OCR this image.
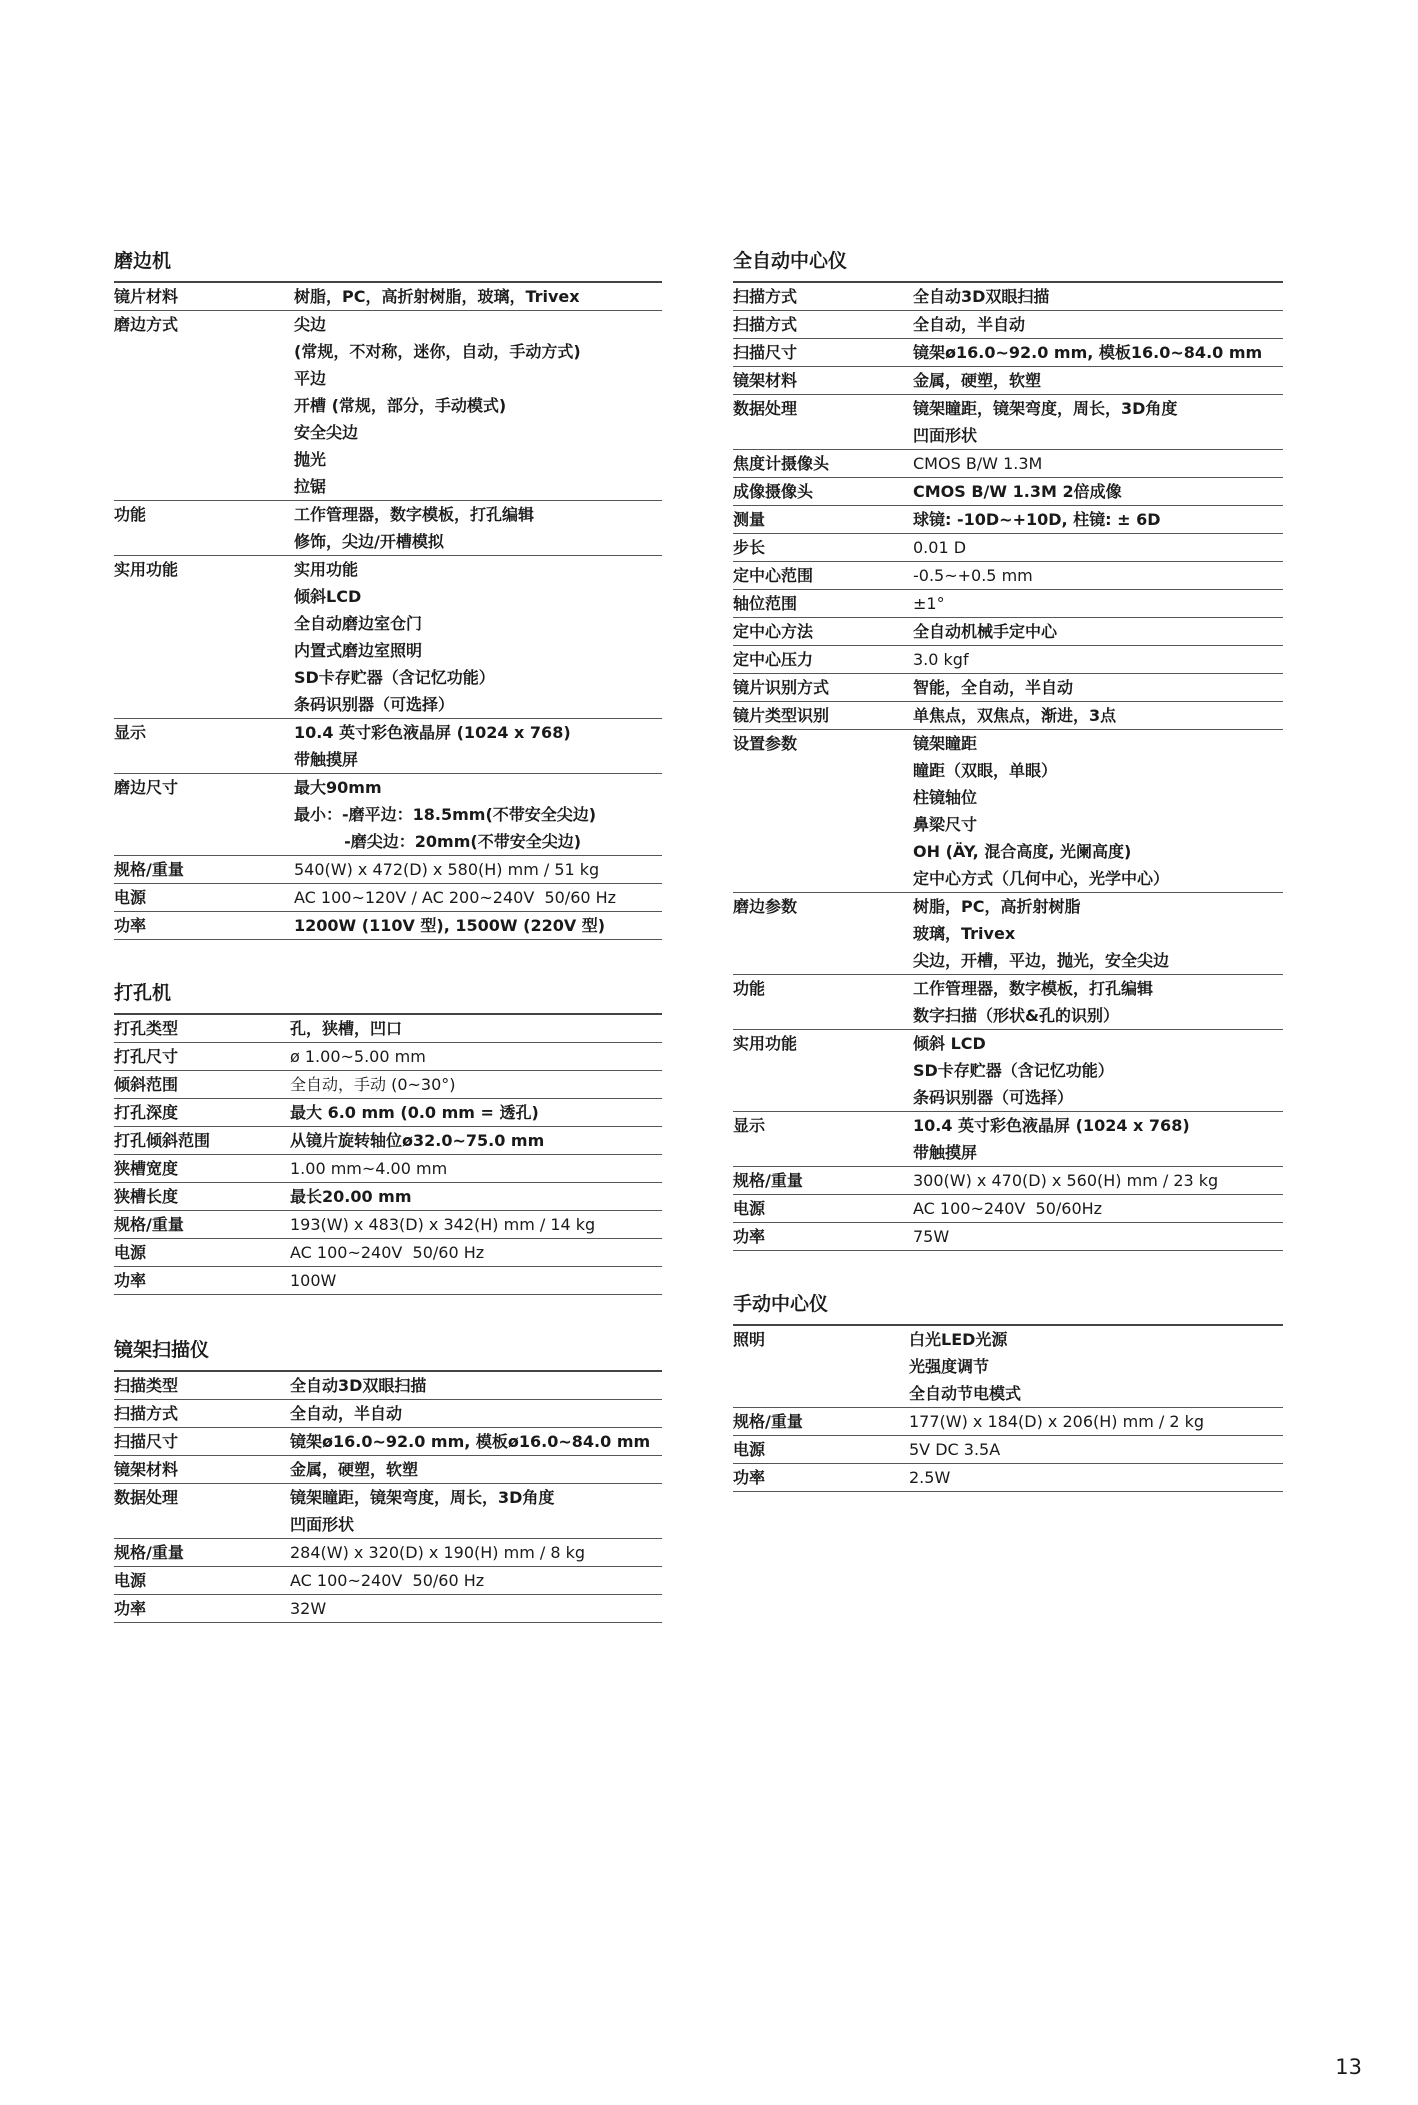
磨边机
镜片材料	树脂，PC，高折射树脂，玻璃，Trivex
磨边方式	尖边
(常规，不对称，迷你，自动，手动方式)
平边
开槽 (常规，部分，手动模式)
安全尖边
抛光
拉锯
功能	工作管理器，数字模板，打孔编辑
修饰，尖边/开槽模拟
实用功能	实用功能
倾斜LCD
全自动磨边室仓门
内置式磨边室照明
SD卡存贮器（含记忆功能）
条码识别器（可选择）
显示	10.4 英寸彩色液晶屏 (1024 x 768)
带触摸屏
磨边尺寸	最大90mm
最小：-磨平边：18.5mm(不带安全尖边)
-磨尖边：20mm(不带安全尖边)
规格/重量	540(W) x 472(D) x 580(H) mm / 51 kg
电源	AC 100~120V / AC 200~240V  50/60 Hz
功率	1200W (110V 型), 1500W (220V 型)
打孔机
打孔类型	孔，狭槽，凹口
打孔尺寸	ø 1.00~5.00 mm
倾斜范围	全自动，手动 (0~30°)
打孔深度	最大 6.0 mm (0.0 mm = 透孔)
打孔倾斜范围	从镜片旋转轴位ø32.0~75.0 mm
狭槽宽度	1.00 mm~4.00 mm
狭槽长度	最长20.00 mm
规格/重量	193(W) x 483(D) x 342(H) mm / 14 kg
电源	AC 100~240V  50/60 Hz
功率	100W
镜架扫描仪
扫描类型	全自动3D双眼扫描
扫描方式	全自动，半自动
扫描尺寸	镜架ø16.0~92.0 mm, 模板ø16.0~84.0 mm
镜架材料	金属，硬塑，软塑
数据处理	镜架瞳距，镜架弯度，周长，3D角度
凹面形状
规格/重量	284(W) x 320(D) x 190(H) mm / 8 kg
电源	AC 100~240V  50/60 Hz
功率	32W
全自动中心仪
扫描方式	全自动3D双眼扫描
扫描方式	全自动，半自动
扫描尺寸	镜架ø16.0~92.0 mm, 模板16.0~84.0 mm
镜架材料	金属，硬塑，软塑
数据处理	镜架瞳距，镜架弯度，周长，3D角度
凹面形状
焦度计摄像头	CMOS B/W 1.3M
成像摄像头	CMOS B/W 1.3M 2倍成像
测量	球镜: -10D~+10D, 柱镜: ± 6D
步长	0.01 D
定中心范围	-0.5~+0.5 mm
轴位范围	±1°
定中心方法	全自动机械手定中心
定中心压力	3.0 kgf
镜片识别方式	智能，全自动，半自动
镜片类型识别	单焦点，双焦点，渐进，3点
设置参数	镜架瞳距
瞳距（双眼，单眼）
柱镜轴位
鼻梁尺寸
OH (ÄY, 混合高度, 光阑高度)
定中心方式（几何中心，光学中心）
磨边参数	树脂，PC，高折射树脂
玻璃，Trivex
尖边，开槽，平边，抛光，安全尖边
功能	工作管理器，数字模板，打孔编辑
数字扫描（形状&孔的识别）
实用功能	倾斜 LCD
SD卡存贮器（含记忆功能）
条码识别器（可选择）
显示	10.4 英寸彩色液晶屏 (1024 x 768)
带触摸屏
规格/重量	300(W) x 470(D) x 560(H) mm / 23 kg
电源	AC 100~240V  50/60Hz
功率	75W
手动中心仪
照明	白光LED光源
光强度调节
全自动节电模式
规格/重量	177(W) x 184(D) x 206(H) mm / 2 kg
电源	5V DC 3.5A
功率	2.5W
13
